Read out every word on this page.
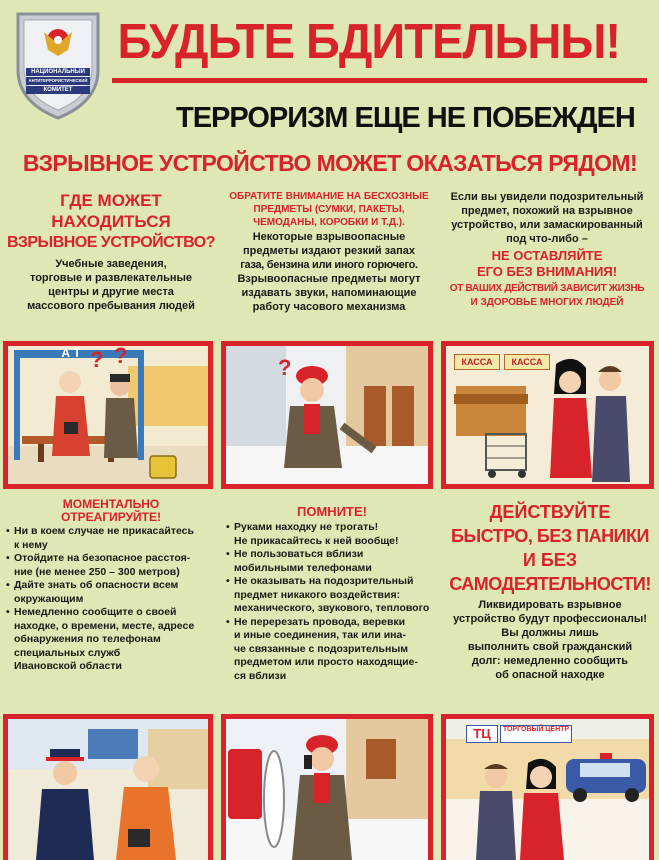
НАЦИОНАЛЬНЫЙ
АНТИТЕРРОРИСТИЧЕСКИЙ
КОМИТЕТ
БУДЬТЕ БДИТЕЛЬНЫ!
ТЕРРОРИЗМ ЕЩЕ НЕ ПОБЕЖДЕН
ВЗРЫВНОЕ УСТРОЙСТВО МОЖЕТ ОКАЗАТЬСЯ РЯДОМ!
ГДЕ МОЖЕТ
НАХОДИТЬСЯ
ВЗРЫВНОЕ УСТРОЙСТВО?
Учебные заведения,
торговые и развлекательные
центры и другие места
массового пребывания людей
ОБРАТИТЕ ВНИМАНИЕ НА БЕСХОЗНЫЕ
ПРЕДМЕТЫ (СУМКИ, ПАКЕТЫ,
ЧЕМОДАНЫ, КОРОБКИ И Т.Д.).
Некоторые взрывоопасные
предметы издают резкий запах
газа, бензина или иного горючего.
Взрывоопасные предметы могут
издавать звуки, напоминающие
работу часового механизма
Если вы увидели подозрительный
предмет, похожий на взрывное
устройство, или замаскированный
под что-либо –
НЕ ОСТАВЛЯЙТЕ
ЕГО БЕЗ ВНИМАНИЯ!
ОТ ВАШИХ ДЕЙСТВИЙ ЗАВИСИТ ЖИЗНЬ
И ЗДОРОВЬЕ МНОГИХ ЛЮДЕЙ
А Т ? ?	?	КАССА	КАССА
МОМЕНТАЛЬНО
ОТРЕАГИРУЙТЕ!
• Ни в коем случае не прикасайтесь
к нему
• Отойдите на безопасное расстоя-
ние (не менее 250 – 300 метров)
• Дайте знать об опасности всем
окружающим
• Немедленно сообщите о своей
находке, о времени, месте, адресе
обнаружения по телефонам
специальных служб
Ивановской области
ПОМНИТЕ!
• Руками находку не трогать!
Не прикасайтесь к ней вообще!
• Не пользоваться вблизи
мобильными телефонами
• Не оказывать на подозрительный
предмет никакого воздействия:
механического, звукового, теплового
• Не перерезать провода, веревки
и иные соединения, так или ина-
че связанные с подозрительным
предметом или просто находящие-
ся вблизи
ДЕЙСТВУЙТЕ
БЫСТРО, БЕЗ ПАНИКИ
И БЕЗ
САМОДЕЯТЕЛЬНОСТИ!
Ликвидировать взрывное
устройство будут профессионалы!
Вы должны лишь
выполнить свой гражданский
долг: немедленно сообщить
об опасной находке
ТЦ	ТОРГОВЫЙ ЦЕНТР
